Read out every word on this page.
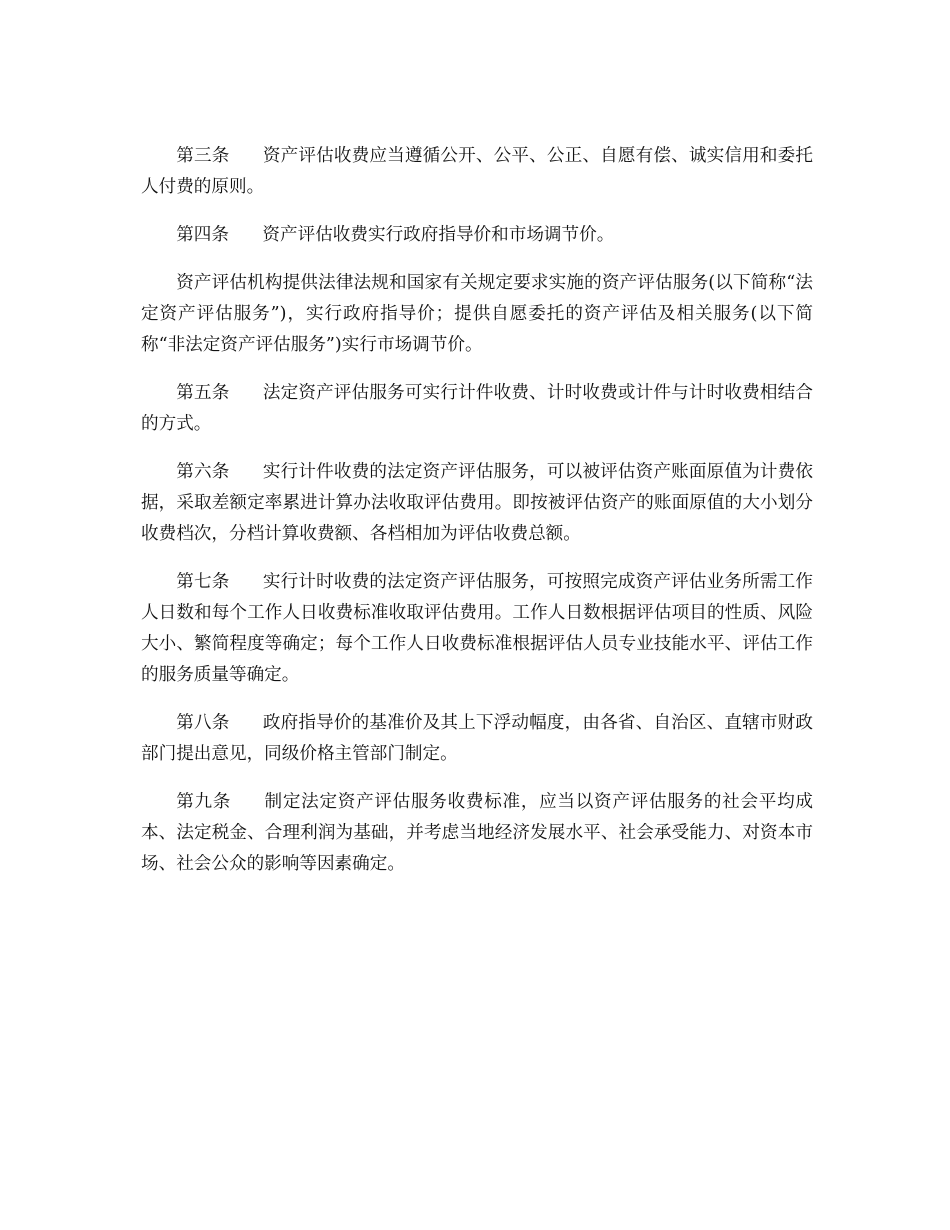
第三条 资产评估收费应当遵循公开、公平、公正、自愿有偿、诚实信用和委托人付费的原则。

第四条 资产评估收费实行政府指导价和市场调节价。

资产评估机构提供法律法规和国家有关规定要求实施的资产评估服务(以下简称“法定资产评估服务”)，实行政府指导价；提供自愿委托的资产评估及相关服务(以下简称“非法定资产评估服务”)实行市场调节价。

第五条 法定资产评估服务可实行计件收费、计时收费或计件与计时收费相结合的方式。

第六条 实行计件收费的法定资产评估服务，可以被评估资产账面原值为计费依据，采取差额定率累进计算办法收取评估费用。即按被评估资产的账面原值的大小划分收费档次，分档计算收费额、各档相加为评估收费总额。

第七条 实行计时收费的法定资产评估服务，可按照完成资产评估业务所需工作人日数和每个工作人日收费标准收取评估费用。工作人日数根据评估项目的性质、风险大小、繁简程度等确定；每个工作人日收费标准根据评估人员专业技能水平、评估工作的服务质量等确定。

第八条 政府指导价的基准价及其上下浮动幅度，由各省、自治区、直辖市财政部门提出意见，同级价格主管部门制定。

第九条 制定法定资产评估服务收费标准，应当以资产评估服务的社会平均成本、法定税金、合理利润为基础，并考虑当地经济发展水平、社会承受能力、对资本市场、社会公众的影响等因素确定。
